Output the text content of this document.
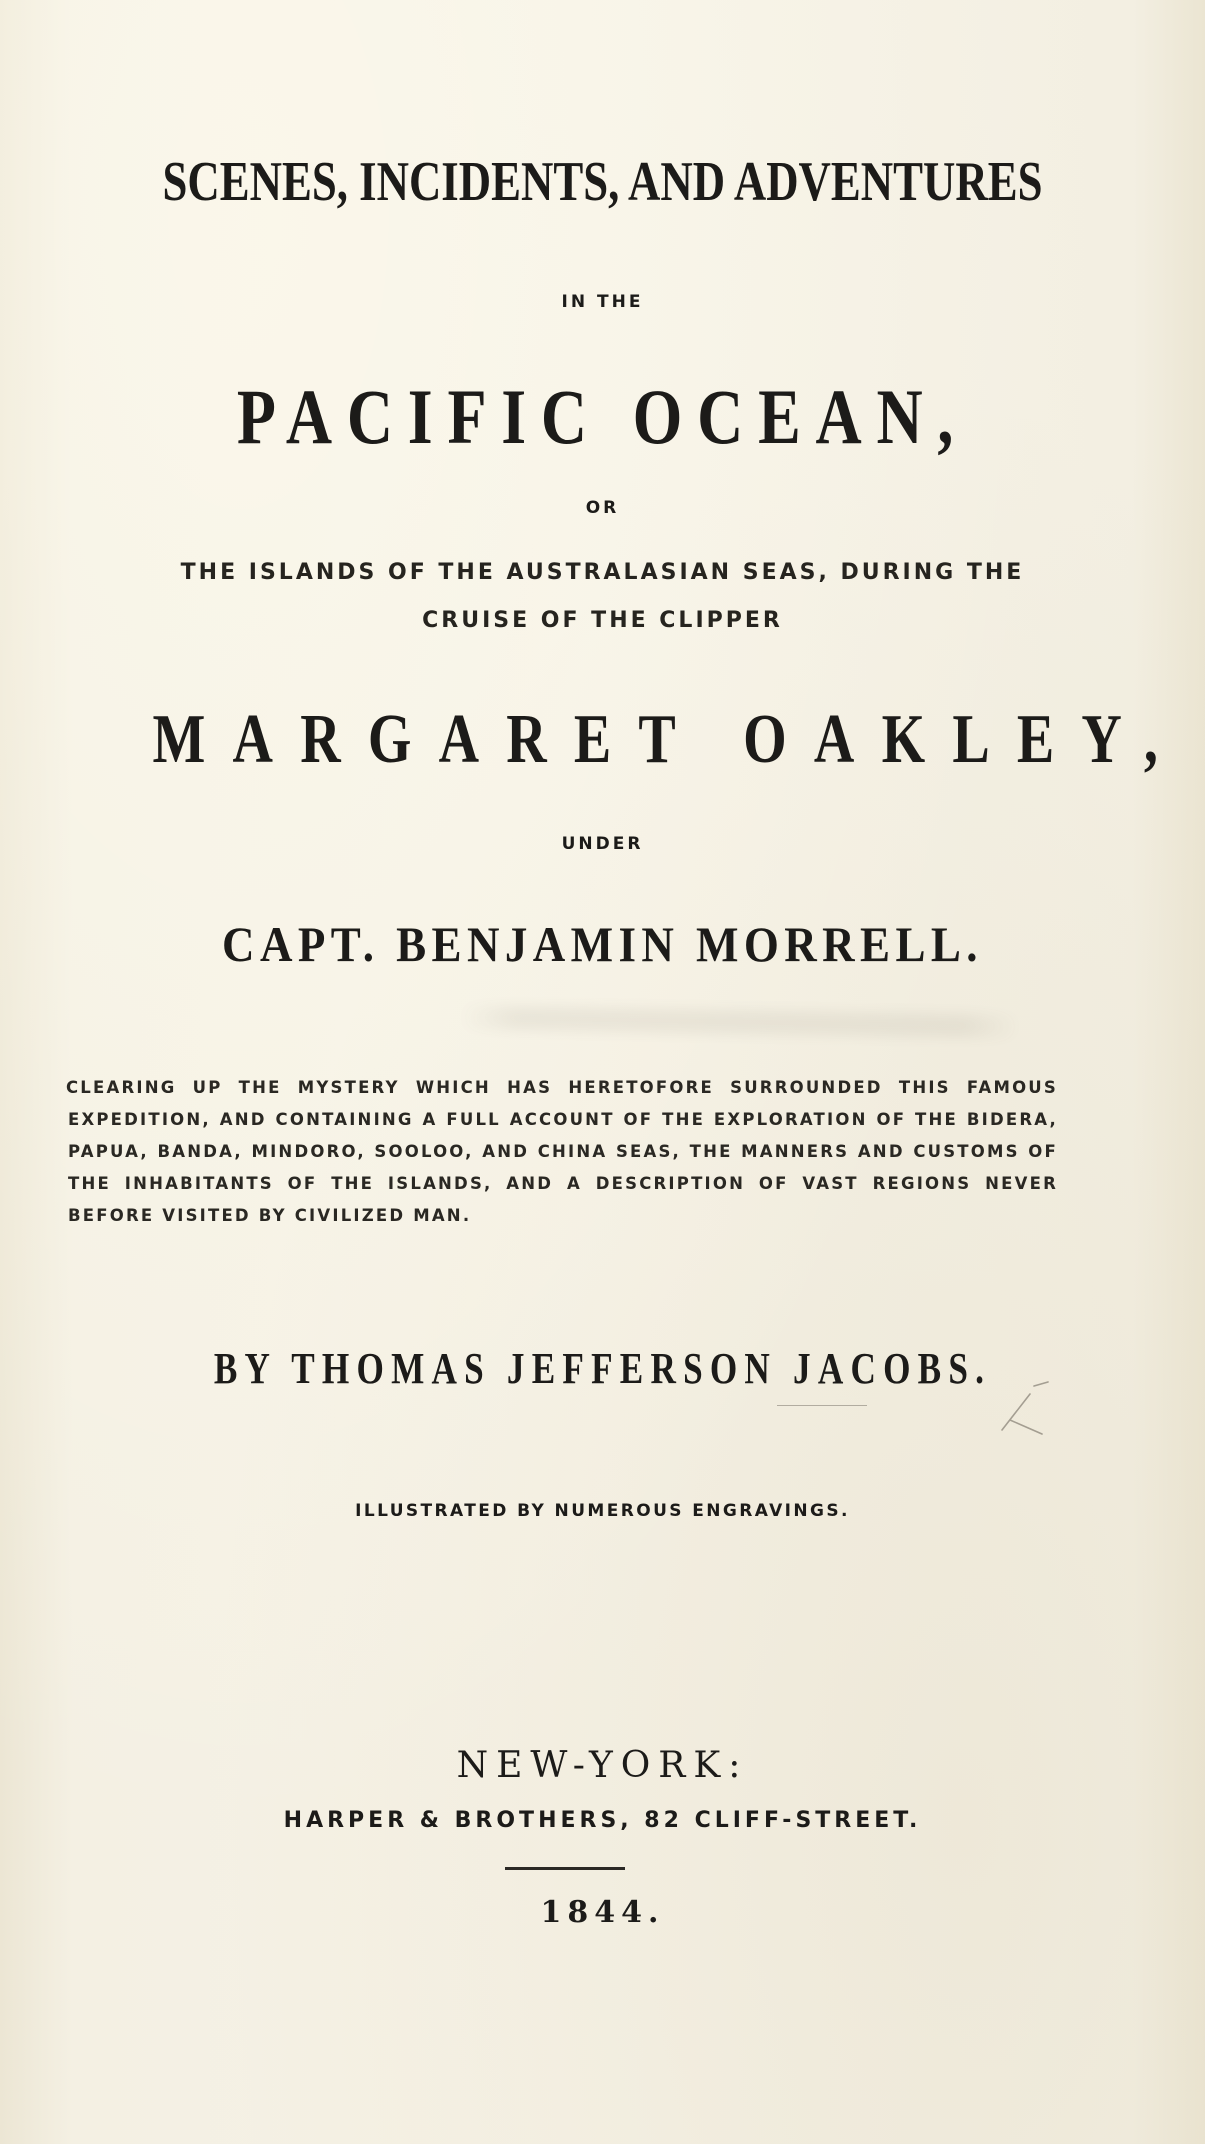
SCENES, INCIDENTS, AND ADVENTURES
IN THE
PACIFIC OCEAN,
OR
THE ISLANDS OF THE AUSTRALASIAN SEAS, DURING THE
CRUISE OF THE CLIPPER
MARGARET OAKLEY,
UNDER
CAPT. BENJAMIN MORRELL.
CLEARING UP THE MYSTERY WHICH HAS HERETOFORE SURROUNDED THIS FAMOUS EXPEDITION, AND CONTAINING A FULL ACCOUNT OF THE EXPLORATION OF THE BIDERA, PAPUA, BANDA, MINDORO, SOOLOO, AND CHINA SEAS, THE MANNERS AND CUSTOMS OF THE INHABITANTS OF THE ISLANDS, AND A DESCRIPTION OF VAST REGIONS NEVER BEFORE VISITED BY CIVILIZED MAN.
BY THOMAS JEFFERSON JACOBS.
ILLUSTRATED BY NUMEROUS ENGRAVINGS.
NEW-YORK:
HARPER & BROTHERS, 82 CLIFF-STREET.
1844.
